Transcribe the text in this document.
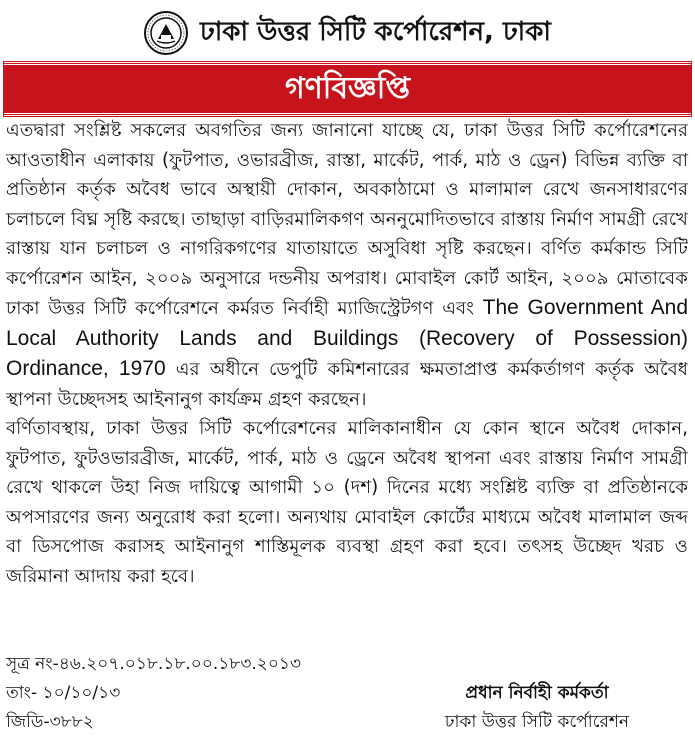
ঢাকা উত্তর সিটি কর্পোরেশন, ঢাকা
গণবিজ্ঞপ্তি

এতদ্বারা সংশ্লিষ্ট সকলের অবগতির জন্য জানানো যাচ্ছে যে, ঢাকা উত্তর সিটি কর্পোরেশনের আওতাধীন এলাকায় (ফুটপাত, ওভারব্রীজ, রাস্তা, মার্কেট, পার্ক, মাঠ ও ড্রেন) বিভিন্ন ব্যক্তি বা প্রতিষ্ঠান কর্তৃক অবৈধ ভাবে অস্থায়ী দোকান, অবকাঠামো ও মালামাল রেখে জনসাধারণের চলাচলে বিঘ্ন সৃষ্টি করছে। তাছাড়া বাড়িরমালিকগণ অননুমোদিতভাবে রাস্তায় নির্মাণ সামগ্রী রেখে রাস্তায় যান চলাচল ও নাগরিকগণের যাতায়াতে অসুবিধা সৃষ্টি করছেন। বর্ণিত কর্মকান্ড সিটি কর্পোরেশন আইন, ২০০৯ অনুসারে দন্ডনীয় অপরাধ। মোবাইল কোর্ট আইন, ২০০৯ মোতাবেক ঢাকা উত্তর সিটি কর্পোরেশনে কর্মরত নির্বাহী ম্যাজিস্ট্রেটগণ এবং The Government And Local Authority Lands and Buildings (Recovery of Possession) Ordinance, 1970 এর অধীনে ডেপুটি কমিশনারের ক্ষমতাপ্রাপ্ত কর্মকর্তাগণ কর্তৃক অবৈধ স্থাপনা উচ্ছেদসহ আইনানুগ কার্যক্রম গ্রহণ করছেন।

বর্ণিতাবস্থায়, ঢাকা উত্তর সিটি কর্পোরেশনের মালিকানাধীন যে কোন স্থানে অবৈধ দোকান, ফুটপাত, ফুটওভারব্রীজ, মার্কেট, পার্ক, মাঠ ও ড্রেনে অবৈধ স্থাপনা এবং রাস্তায় নির্মাণ সামগ্রী রেখে থাকলে উহা নিজ দায়িত্বে আগামী ১০ (দশ) দিনের মধ্যে সংশ্লিষ্ট ব্যক্তি বা প্রতিষ্ঠানকে অপসারণের জন্য অনুরোধ করা হলো। অন্যথায় মোবাইল কোর্টের মাধ্যমে অবৈধ মালামাল জব্দ বা ডিসপোজ করাসহ আইনানুগ শাস্তিমূলক ব্যবস্থা গ্রহণ করা হবে। তৎসহ উচ্ছেদ খরচ ও জরিমানা আদায় করা হবে।

সূত্র নং-৪৬.২০৭.০১৮.১৮.০০.১৮৩.২০১৩
তাং- ১০/১০/১৩
জিডি-৩৮৮২
প্রধান নির্বাহী কর্মকর্তা
ঢাকা উত্তর সিটি কর্পোরেশন
